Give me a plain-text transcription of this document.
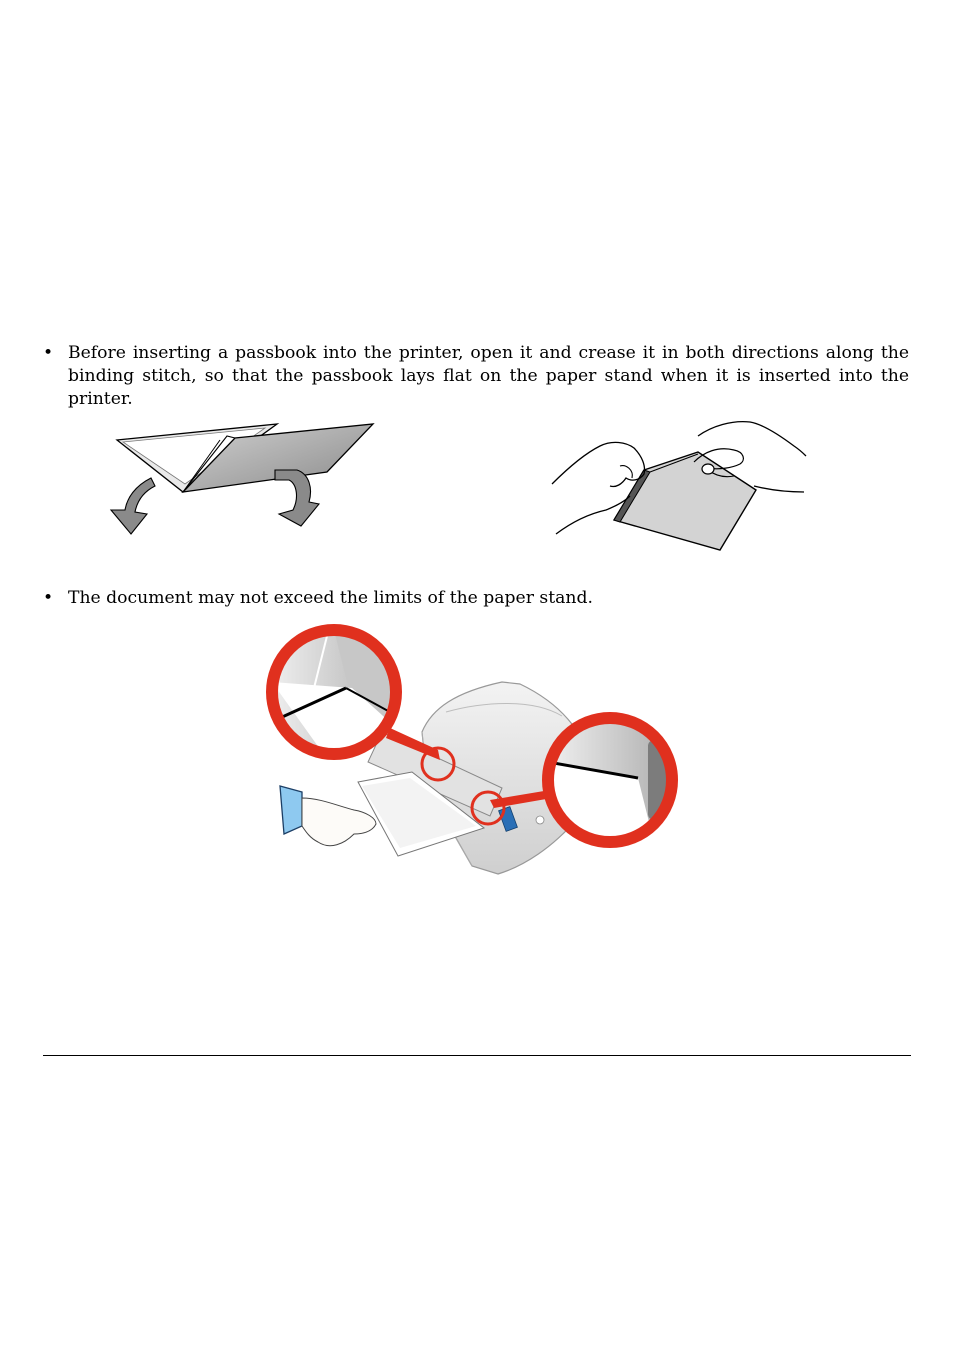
• Before inserting a passbook into the printer, open it and crease it in both directions along the binding stitch, so that the passbook lays flat on the paper stand when it is inserted into the printer.
• The document may not exceed the limits of the paper stand.
